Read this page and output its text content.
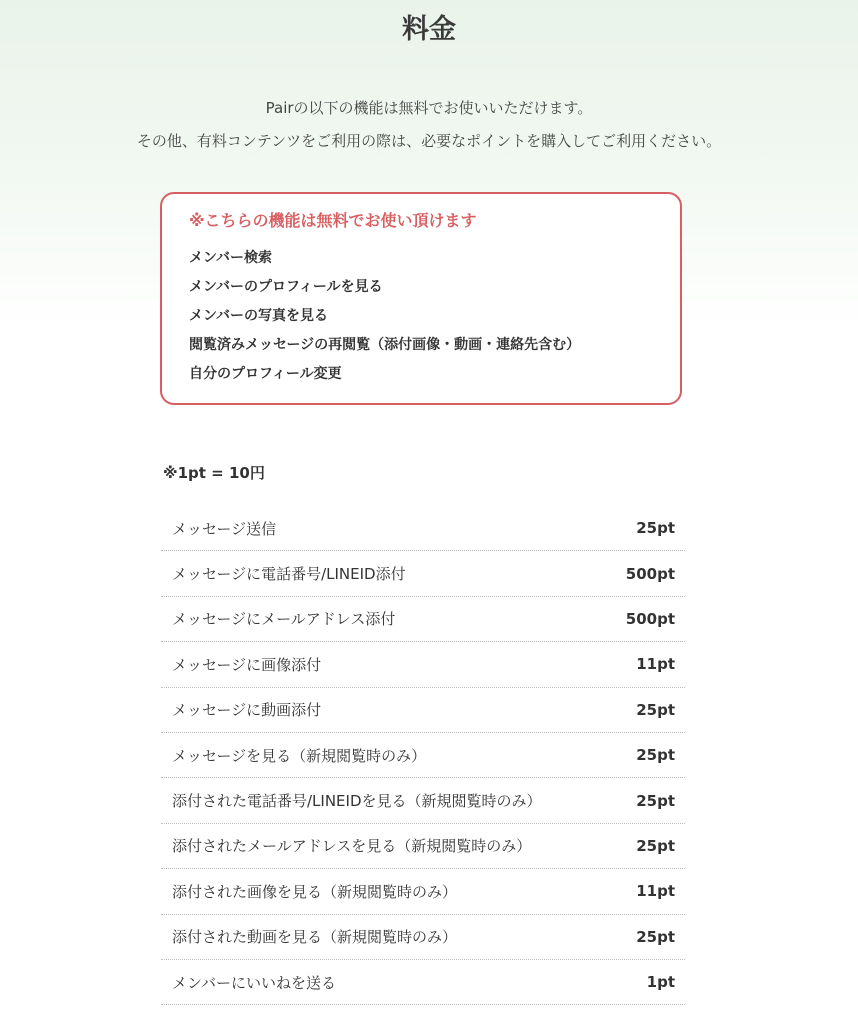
料金

Pairの以下の機能は無料でお使いいただけます。

その他、有料コンテンツをご利用の際は、必要なポイントを購入してご利用ください。

※こちらの機能は無料でお使い頂けます

メンバー検索
メンバーのプロフィールを見る
メンバーの写真を見る
閲覧済みメッセージの再閲覧（添付画像・動画・連絡先含む）
自分のプロフィール変更
※1pt = 10円
メッセージ送信	25pt
メッセージに電話番号/LINEID添付	500pt
メッセージにメールアドレス添付	500pt
メッセージに画像添付	11pt
メッセージに動画添付	25pt
メッセージを見る（新規閲覧時のみ）	25pt
添付された電話番号/LINEIDを見る（新規閲覧時のみ）	25pt
添付されたメールアドレスを見る（新規閲覧時のみ）	25pt
添付された画像を見る（新規閲覧時のみ）	11pt
添付された動画を見る（新規閲覧時のみ）	25pt
メンバーにいいねを送る	1pt
